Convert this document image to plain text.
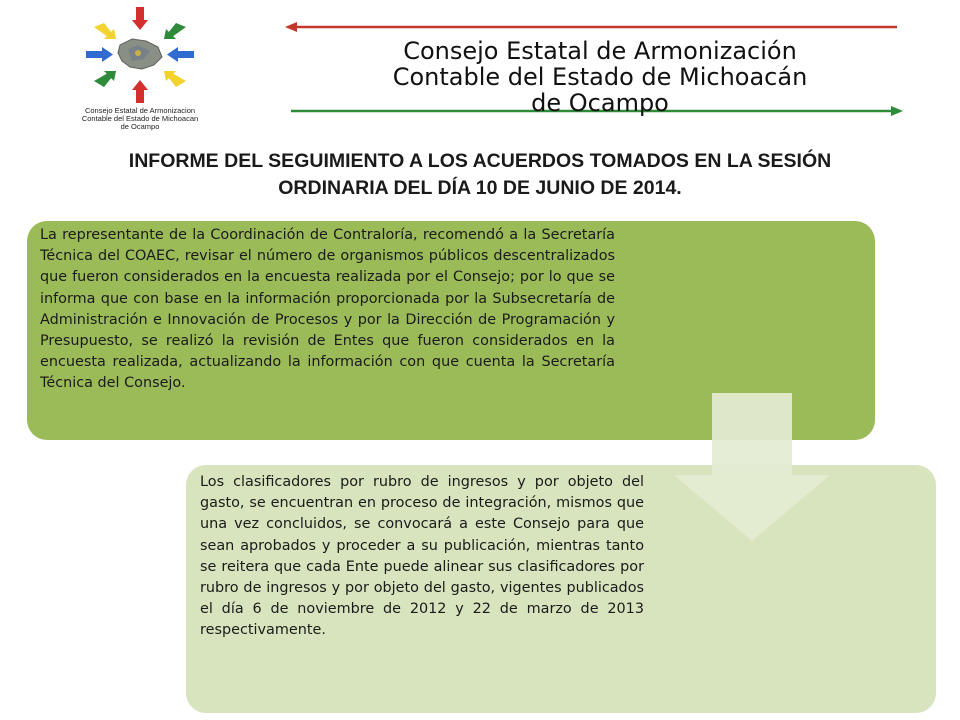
Consejo Estatal de Armonizacion
Contable del Estado de Michoacan
de Ocampo
Consejo Estatal de Armonización
Contable del Estado de Michoacán
de Ocampo
INFORME DEL SEGUIMIENTO A LOS ACUERDOS TOMADOS EN LA SESIÓN
ORDINARIA DEL DÍA 10 DE JUNIO DE 2014.
La representante de la Coordinación de Contraloría, recomendó a la Secretaría Técnica del COAEC, revisar el número de organismos públicos descentralizados que fueron considerados en la encuesta realizada por el Consejo; por lo que se informa que con base en la información proporcionada por la Subsecretaría de Administración e Innovación de Procesos y por la Dirección de Programación y Presupuesto, se realizó la revisión de Entes que fueron considerados en la encuesta realizada, actualizando la información con que cuenta la Secretaría Técnica del Consejo.
Los clasificadores por rubro de ingresos y por objeto del gasto, se encuentran en proceso de integración, mismos que una vez concluidos, se convocará a este Consejo para que sean aprobados y proceder a su publicación, mientras tanto se reitera que cada Ente puede alinear sus clasificadores por rubro de ingresos y por objeto del gasto, vigentes publicados el día 6 de noviembre de 2012 y 22 de marzo de 2013 respectivamente.
